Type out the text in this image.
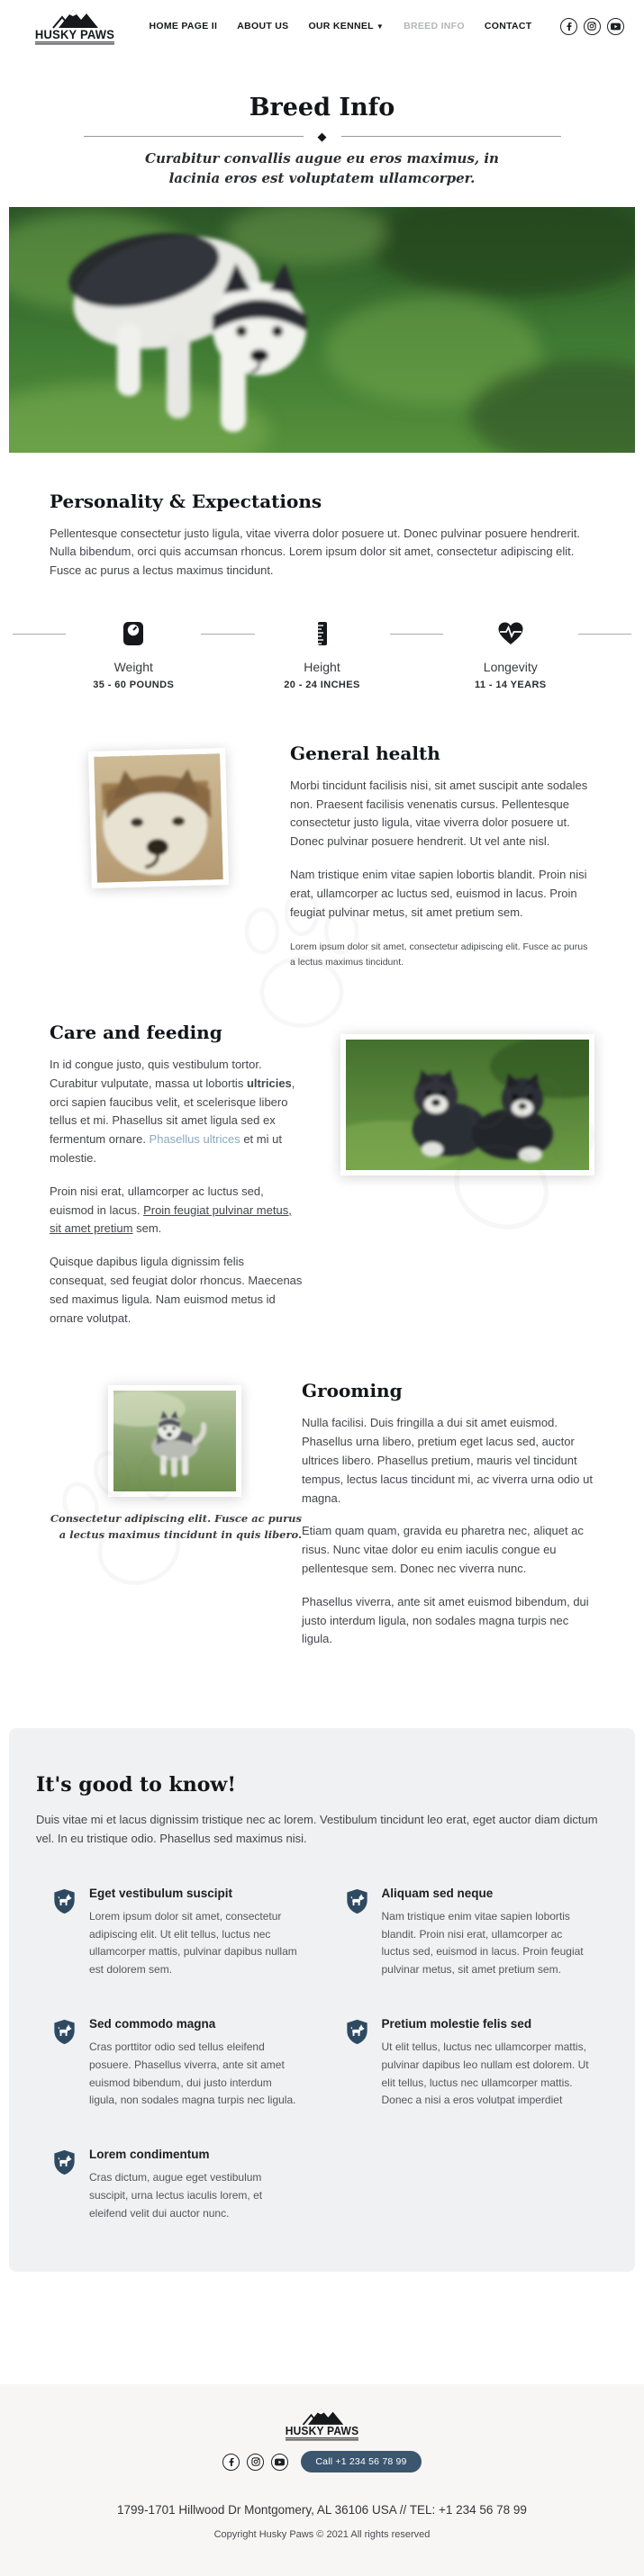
HUSKY PAWS
HOME PAGE II ABOUT US OUR KENNEL ▼ BREED INFO CONTACT
Breed Info
◆

Curabitur convallis augue eu eros maximus, in lacinia eros est voluptatem ullamcorper.

Personality & Expectations

Pellentesque consectetur justo ligula, vitae viverra dolor posuere ut. Donec pulvinar posuere hendrerit. Nulla bibendum, orci quis accumsan rhoncus. Lorem ipsum dolor sit amet, consectetur adipiscing elit. Fusce ac purus a lectus maximus tincidunt.

Weight
35 - 60 POUNDS
Height
20 - 24 INCHES
Longevity
11 - 14 YEARS
General health

Morbi tincidunt facilisis nisi, sit amet suscipit ante sodales non. Praesent facilisis venenatis cursus. Pellentesque consectetur justo ligula, vitae viverra dolor posuere ut. Donec pulvinar posuere hendrerit. Ut vel ante nisl.

Nam tristique enim vitae sapien lobortis blandit. Proin nisi erat, ullamcorper ac luctus sed, euismod in lacus. Proin feugiat pulvinar metus, sit amet pretium sem.

Lorem ipsum dolor sit amet, consectetur adipiscing elit. Fusce ac purus a lectus maximus tincidunt.

Care and feeding

In id congue justo, quis vestibulum tortor. Curabitur vulputate, massa ut lobortis ultricies, orci sapien faucibus velit, et scelerisque libero tellus et mi. Phasellus sit amet ligula sed ex fermentum ornare. Phasellus ultrices et mi ut molestie.

Proin nisi erat, ullamcorper ac luctus sed, euismod in lacus. Proin feugiat pulvinar metus, sit amet pretium sem.

Quisque dapibus ligula dignissim felis consequat, sed feugiat dolor rhoncus. Maecenas sed maximus ligula. Nam euismod metus id ornare volutpat.

Consectetur adipiscing elit. Fusce ac purus a lectus maximus tincidunt in quis libero.

Grooming

Nulla facilisi. Duis fringilla a dui sit amet euismod. Phasellus urna libero, pretium eget lacus sed, auctor ultrices libero. Phasellus pretium, mauris vel tincidunt tempus, lectus lacus tincidunt mi, ac viverra urna odio ut magna.

Etiam quam quam, gravida eu pharetra nec, aliquet ac risus. Nunc vitae dolor eu enim iaculis congue eu pellentesque sem. Donec nec viverra nunc.

Phasellus viverra, ante sit amet euismod bibendum, dui justo interdum ligula, non sodales magna turpis nec ligula.

It's good to know!

Duis vitae mi et lacus dignissim tristique nec ac lorem. Vestibulum tincidunt leo erat, eget auctor diam dictum vel. In eu tristique odio. Phasellus sed maximus nisi.

Eget vestibulum suscipit
Lorem ipsum dolor sit amet, consectetur adipiscing elit. Ut elit tellus, luctus nec ullamcorper mattis, pulvinar dapibus nullam est dolorem sem.
Aliquam sed neque
Nam tristique enim vitae sapien lobortis blandit. Proin nisi erat, ullamcorper ac luctus sed, euismod in lacus. Proin feugiat pulvinar metus, sit amet pretium sem.
Sed commodo magna
Cras porttitor odio sed tellus eleifend posuere. Phasellus viverra, ante sit amet euismod bibendum, dui justo interdum ligula, non sodales magna turpis nec ligula.
Pretium molestie felis sed
Ut elit tellus, luctus nec ullamcorper mattis, pulvinar dapibus leo nullam est dolorem. Ut elit tellus, luctus nec ullamcorper mattis. Donec a nisi a eros volutpat imperdiet
Lorem condimentum
Cras dictum, augue eget vestibulum suscipit, urna lectus iaculis lorem, et eleifend velit dui auctor nunc.
HUSKY PAWS
Call +1 234 56 78 99

1799-1701 Hillwood Dr Montgomery, AL 36106 USA // TEL: +1 234 56 78 99

Copyright Husky Paws © 2021 All rights reserved
